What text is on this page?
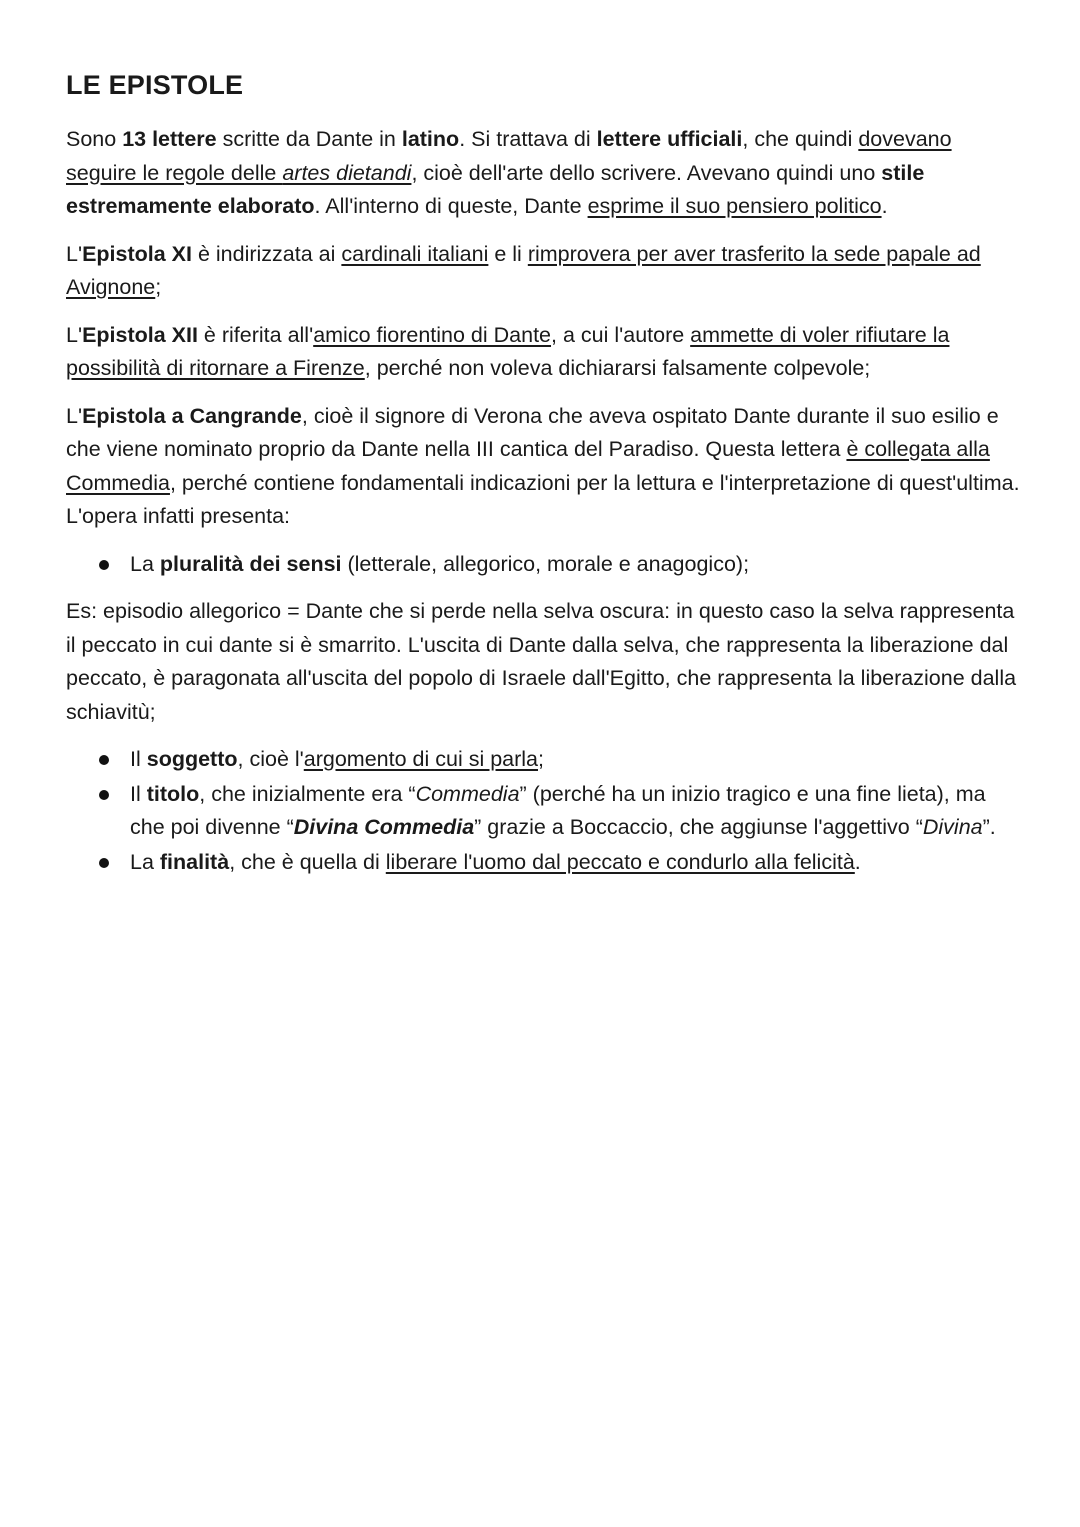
LE EPISTOLE

Sono 13 lettere scritte da Dante in latino. Si trattava di lettere ufficiali, che quindi dovevano seguire le regole delle artes dietandi, cioè dell'arte dello scrivere. Avevano quindi uno stile estremamente elaborato. All'interno di queste, Dante esprime il suo pensiero politico.

L'Epistola XI è indirizzata ai cardinali italiani e li rimprovera per aver trasferito la sede papale ad Avignone;

L'Epistola XII è riferita all'amico fiorentino di Dante, a cui l'autore ammette di voler rifiutare la possibilità di ritornare a Firenze, perché non voleva dichiararsi falsamente colpevole;

L'Epistola a Cangrande, cioè il signore di Verona che aveva ospitato Dante durante il suo esilio e che viene nominato proprio da Dante nella III cantica del Paradiso. Questa lettera è collegata alla Commedia, perché contiene fondamentali indicazioni per la lettura e l'interpretazione di quest'ultima. L'opera infatti presenta:

La pluralità dei sensi (letterale, allegorico, morale e anagogico);

Es: episodio allegorico = Dante che si perde nella selva oscura: in questo caso la selva rappresenta il peccato in cui dante si è smarrito. L'uscita di Dante dalla selva, che rappresenta la liberazione dal peccato, è paragonata all'uscita del popolo di Israele dall'Egitto, che rappresenta la liberazione dalla schiavitù;

Il soggetto, cioè l'argomento di cui si parla;
Il titolo, che inizialmente era “Commedia” (perché ha un inizio tragico e una fine lieta), ma che poi divenne “Divina Commedia” grazie a Boccaccio, che aggiunse l'aggettivo “Divina”.
La finalità, che è quella di liberare l'uomo dal peccato e condurlo alla felicità.
